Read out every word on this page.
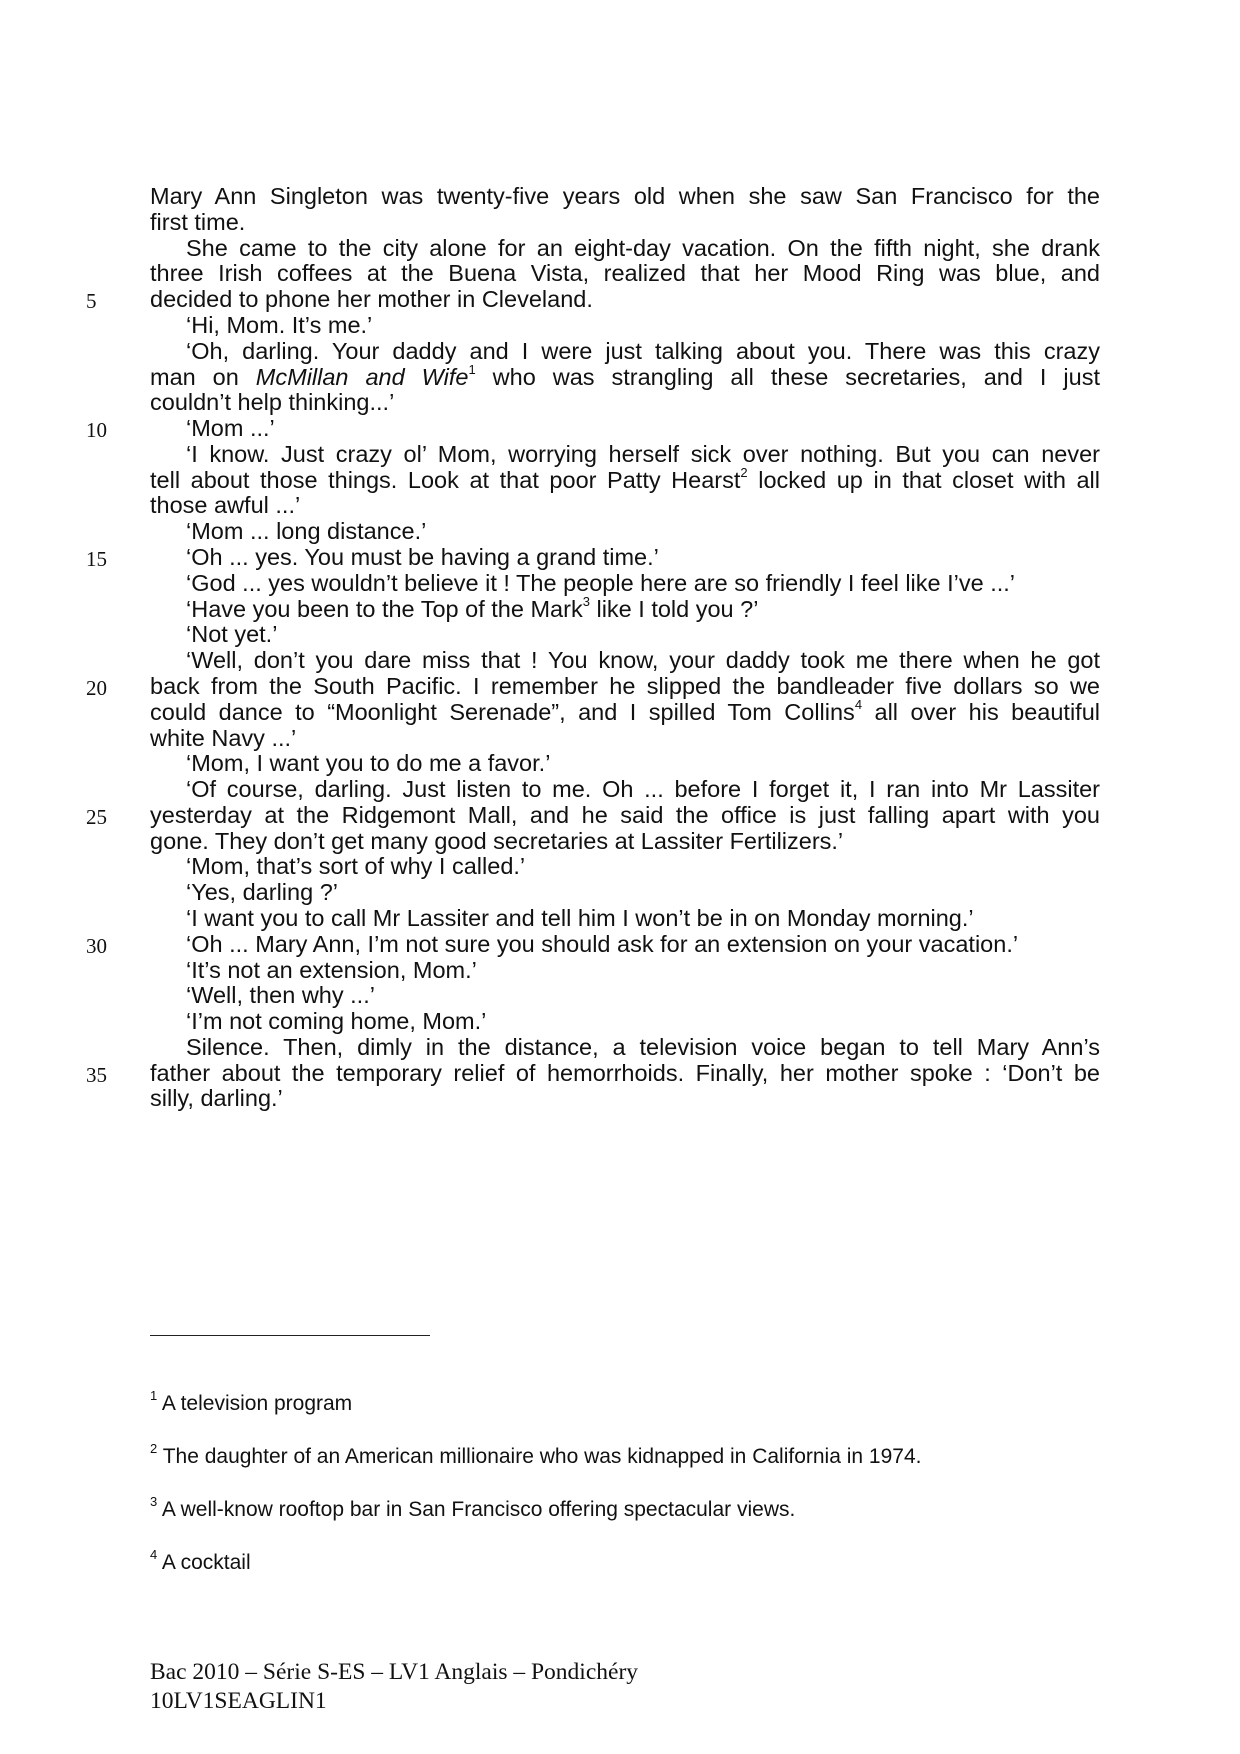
Mary Ann Singleton was twenty-five years old when she saw San Francisco for the
first time.
She came to the city alone for an eight-day vacation. On the fifth night, she drank
three Irish coffees at the Buena Vista, realized that her Mood Ring was blue, and
decided to phone her mother in Cleveland.
‘Hi, Mom. It’s me.’
‘Oh, darling. Your daddy and I were just talking about you. There was this crazy
man on McMillan and Wife$^1$ who was strangling all these secretaries, and I just
couldn’t help thinking...’
‘Mom ...’
‘I know. Just crazy ol’ Mom, worrying herself sick over nothing. But you can never
tell about those things. Look at that poor Patty Hearst$^2$ locked up in that closet with all
those awful ...’
‘Mom ... long distance.’
‘Oh ... yes. You must be having a grand time.’
‘God ... yes wouldn’t believe it ! The people here are so friendly I feel like I’ve ...’
‘Have you been to the Top of the Mark$^3$ like I told you ?’
‘Not yet.’
‘Well, don’t you dare miss that ! You know, your daddy took me there when he got
back from the South Pacific. I remember he slipped the bandleader five dollars so we
could dance to “Moonlight Serenade”, and I spilled Tom Collins$^4$ all over his beautiful
white Navy ...’
‘Mom, I want you to do me a favor.’
‘Of course, darling. Just listen to me. Oh ... before I forget it, I ran into Mr Lassiter
yesterday at the Ridgemont Mall, and he said the office is just falling apart with you
gone. They don’t get many good secretaries at Lassiter Fertilizers.’
‘Mom, that’s sort of why I called.’
‘Yes, darling ?’
‘I want you to call Mr Lassiter and tell him I won’t be in on Monday morning.’
‘Oh ... Mary Ann, I’m not sure you should ask for an extension on your vacation.’
‘It’s not an extension, Mom.’
‘Well, then why ...’
‘I’m not coming home, Mom.’
Silence. Then, dimly in the distance, a television voice began to tell Mary Ann’s
father about the temporary relief of hemorrhoids. Finally, her mother spoke : ‘Don’t be
silly, darling.’
5
10
15
20
25
30
35
$^1$ A television program
$^2$ The daughter of an American millionaire who was kidnapped in California in 1974.
$^3$ A well-know rooftop bar in San Francisco offering spectacular views.
$^4$ A cocktail
Bac 2010 – Série S-ES – LV1 Anglais – Pondichéry
10LV1SEAGLIN1
